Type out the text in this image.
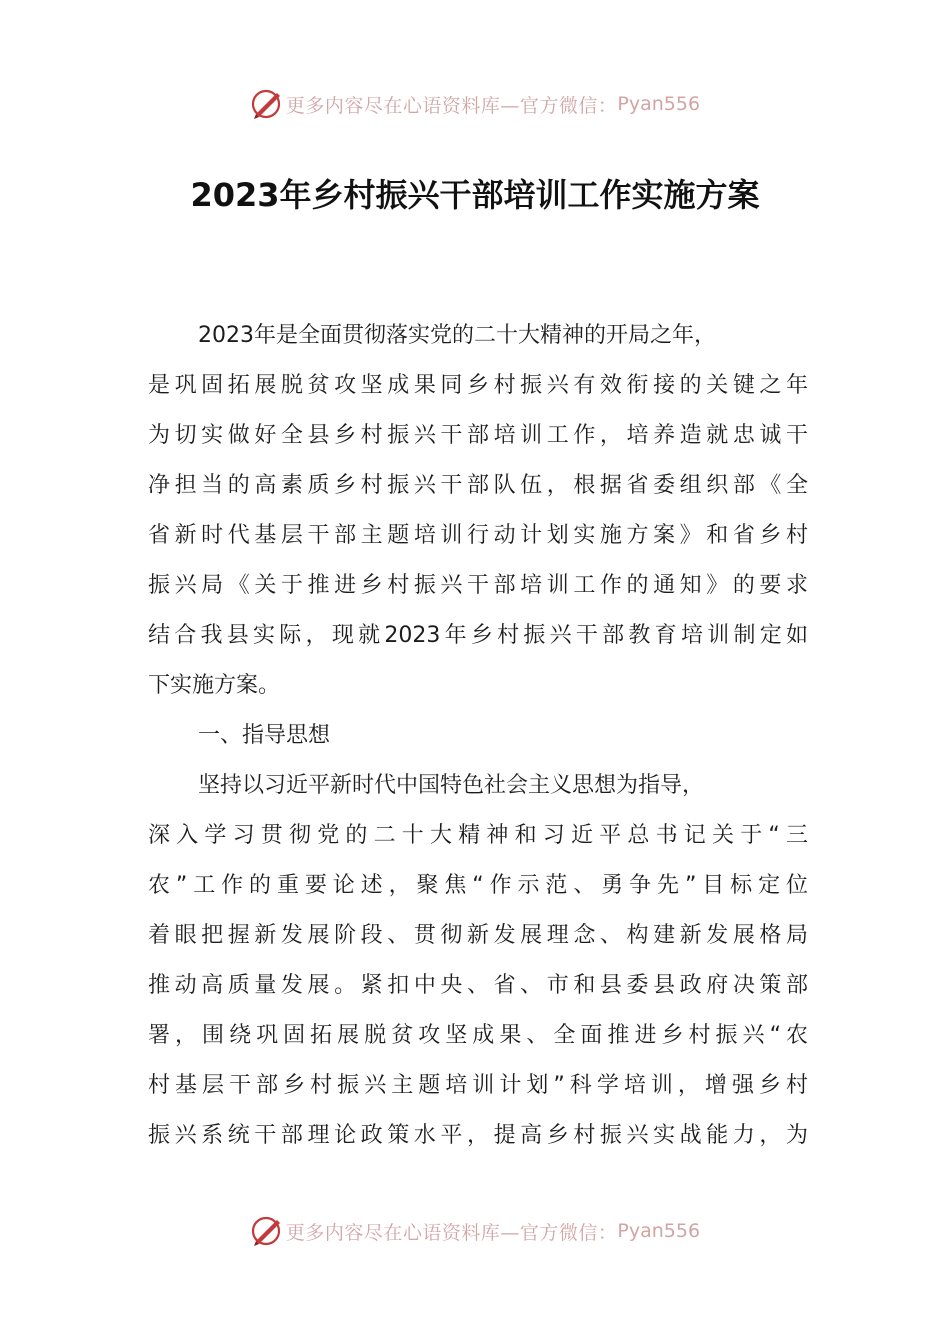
更多内容尽在心语资料库—官方微信： Pyan556
2023年乡村振兴干部培训工作实施方案
2023年是全面贯彻落实党的二十大精神的开局之年，
是巩固拓展脱贫攻坚成果同乡村振兴有效衔接的关键之年
为切实做好全县乡村振兴干部培训工作，培养造就忠诚干
净担当的高素质乡村振兴干部队伍，根据省委组织部《全
省新时代基层干部主题培训行动计划实施方案》和省乡村
振兴局《关于推进乡村振兴干部培训工作的通知》的要求
结合我县实际，现就2023年乡村振兴干部教育培训制定如
下实施方案。
一、指导思想
坚持以习近平新时代中国特色社会主义思想为指导，
深入学习贯彻党的二十大精神和习近平总书记关于“三
农”工作的重要论述，聚焦“作示范、勇争先”目标定位
着眼把握新发展阶段、贯彻新发展理念、构建新发展格局
推动高质量发展。紧扣中央、省、市和县委县政府决策部
署，围绕巩固拓展脱贫攻坚成果、全面推进乡村振兴“农
村基层干部乡村振兴主题培训计划”科学培训，增强乡村
振兴系统干部理论政策水平，提高乡村振兴实战能力，为
更多内容尽在心语资料库—官方微信： Pyan556
